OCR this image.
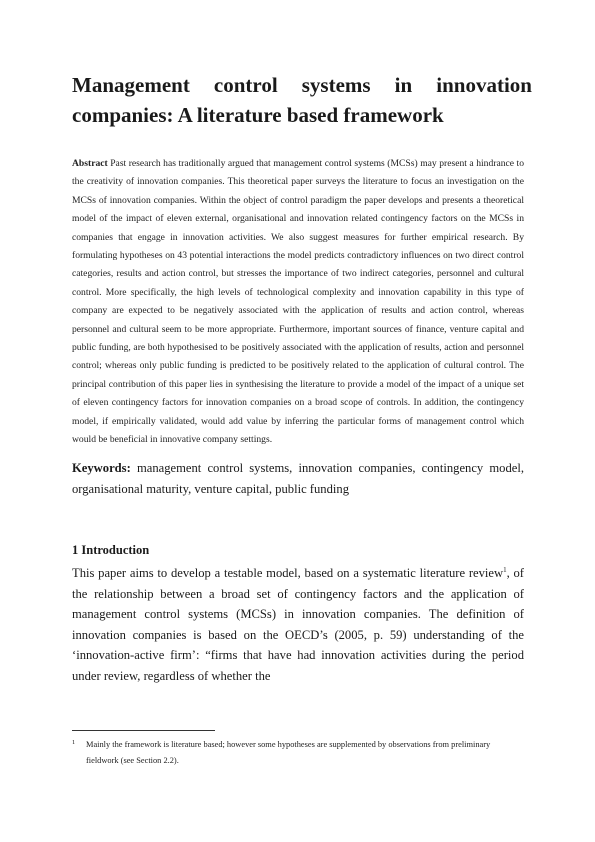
Management control systems in innovation companies: A literature based framework

Abstract Past research has traditionally argued that management control systems (MCSs) may present a hindrance to the creativity of innovation companies. This theoretical paper surveys the literature to focus an investigation on the MCSs of innovation companies. Within the object of control paradigm the paper develops and presents a theoretical model of the impact of eleven external, organisational and innovation related contingency factors on the MCSs in companies that engage in innovation activities. We also suggest measures for further empirical research. By formulating hypotheses on 43 potential interactions the model predicts contradictory influences on two direct control categories, results and action control, but stresses the importance of two indirect categories, personnel and cultural control. More specifically, the high levels of technological complexity and innovation capability in this type of company are expected to be negatively associated with the application of results and action control, whereas personnel and cultural seem to be more appropriate. Furthermore, important sources of finance, venture capital and public funding, are both hypothesised to be positively associated with the application of results, action and personnel control; whereas only public funding is predicted to be positively related to the application of cultural control. The principal contribution of this paper lies in synthesising the literature to provide a model of the impact of a unique set of eleven contingency factors for innovation companies on a broad scope of controls. In addition, the contingency model, if empirically validated, would add value by inferring the particular forms of management control which would be beneficial in innovative company settings.

Keywords: management control systems, innovation companies, contingency model, organisational maturity, venture capital, public funding

1 Introduction

This paper aims to develop a testable model, based on a systematic literature review$^1$, of the relationship between a broad set of contingency factors and the application of management control systems (MCSs) in innovation companies. The definition of innovation companies is based on the OECD’s (2005, p. 59) understanding of the ‘innovation-active firm’: “firms that have had innovation activities during the period under review, regardless of whether the

1 Mainly the framework is literature based; however some hypotheses are supplemented by observations from preliminary fieldwork (see Section 2.2).
